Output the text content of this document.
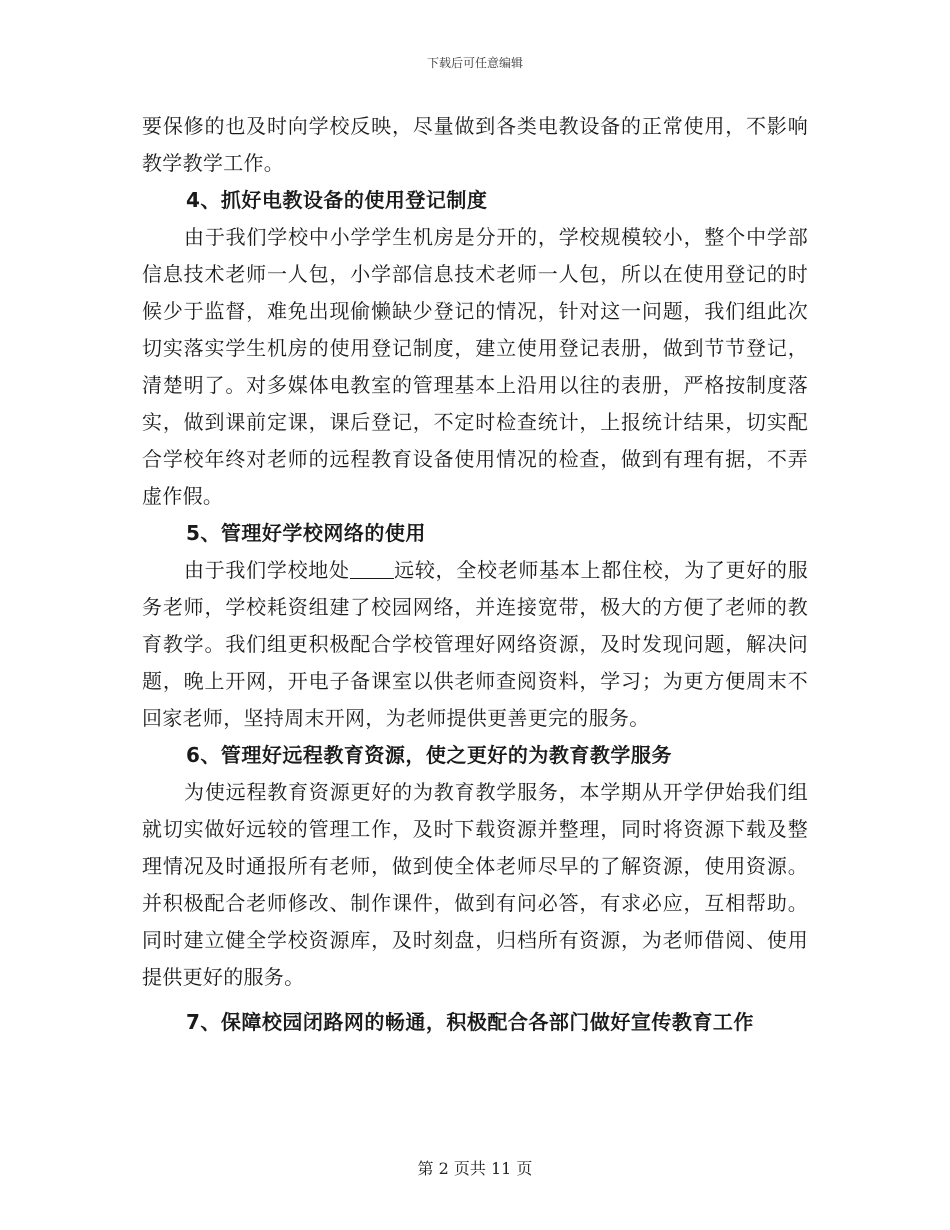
下载后可任意编辑

要保修的也及时向学校反映，尽量做到各类电教设备的正常使用，不影响教学教学工作。

4、抓好电教设备的使用登记制度

由于我们学校中小学学生机房是分开的，学校规模较小，整个中学部信息技术老师一人包，小学部信息技术老师一人包，所以在使用登记的时候少于监督，难免出现偷懒缺少登记的情况，针对这一问题，我们组此次切实落实学生机房的使用登记制度，建立使用登记表册，做到节节登记，清楚明了。对多媒体电教室的管理基本上沿用以往的表册，严格按制度落实，做到课前定课，课后登记，不定时检查统计，上报统计结果，切实配合学校年终对老师的远程教育设备使用情况的检查，做到有理有据，不弄虚作假。

5、管理好学校网络的使用

由于我们学校地处 远较，全校老师基本上都住校，为了更好的服务老师，学校耗资组建了校园网络，并连接宽带，极大的方便了老师的教育教学。我们组更积极配合学校管理好网络资源，及时发现问题，解决问题，晚上开网，开电子备课室以供老师查阅资料，学习；为更方便周末不回家老师，坚持周末开网，为老师提供更善更完的服务。

6、管理好远程教育资源，使之更好的为教育教学服务

为使远程教育资源更好的为教育教学服务，本学期从开学伊始我们组就切实做好远较的管理工作，及时下载资源并整理，同时将资源下载及整理情况及时通报所有老师，做到使全体老师尽早的了解资源，使用资源。并积极配合老师修改、制作课件，做到有问必答，有求必应，互相帮助。同时建立健全学校资源库，及时刻盘，归档所有资源，为老师借阅、使用提供更好的服务。

7、保障校园闭路网的畅通，积极配合各部门做好宣传教育工作

第 2 页共 11 页
